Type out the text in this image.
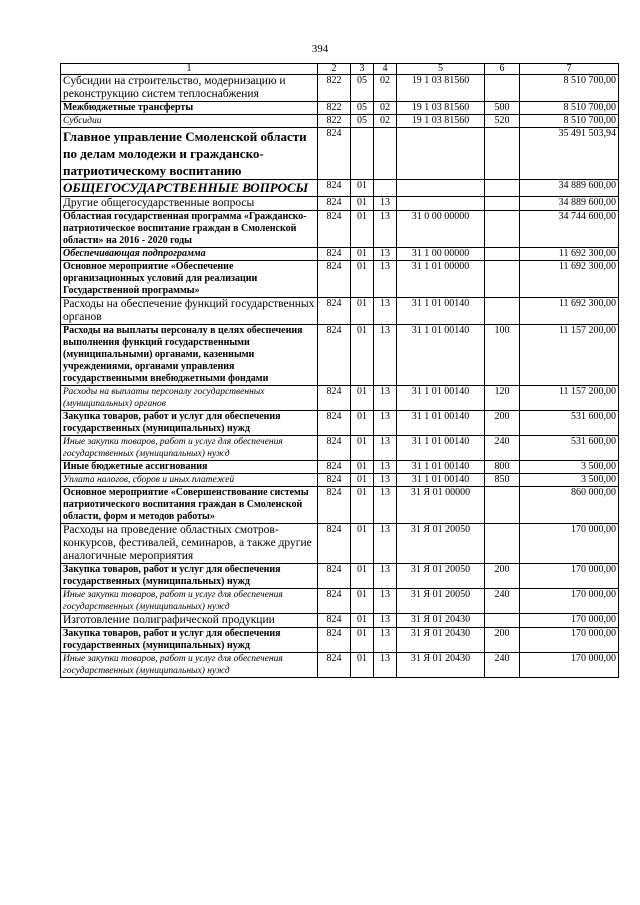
394
1	2	3	4	5	6	7
Субсидии на строительство, модернизацию и реконструкцию систем теплоснабжения	822	05	02	19 1 03 81560		8 510 700,00
Межбюджетные трансферты	822	05	02	19 1 03 81560	500	8 510 700,00
Субсидии	822	05	02	19 1 03 81560	520	8 510 700,00
Главное управление Смоленской области по делам молодежи и гражданско-патриотическому воспитанию	824					35 491 503,94
ОБЩЕГОСУДАРСТВЕННЫЕ ВОПРОСЫ	824	01				34 889 600,00
Другие общегосударственные вопросы	824	01	13			34 889 600,00
Областная государственная программа «Гражданско-патриотическое воспитание граждан в Смоленской области» на 2016 - 2020 годы	824	01	13	31 0 00 00000		34 744 600,00
Обеспечивающая подпрограмма	824	01	13	31 1 00 00000		11 692 300,00
Основное мероприятие «Обеспечение организационных условий для реализации Государственной программы»	824	01	13	31 1 01 00000		11 692 300,00
Расходы на обеспечение функций государственных органов	824	01	13	31 1 01 00140		11 692 300,00
Расходы на выплаты персоналу в целях обеспечения выполнения функций государственными (муниципальными) органами, казенными учреждениями, органами управления государственными внебюджетными фондами	824	01	13	31 1 01 00140	100	11 157 200,00
Расходы на выплаты персоналу государственных (муниципальных) органов	824	01	13	31 1 01 00140	120	11 157 200,00
Закупка товаров, работ и услуг для обеспечения государственных (муниципальных) нужд	824	01	13	31 1 01 00140	200	531 600,00
Иные закупки товаров, работ и услуг для обеспечения государственных (муниципальных) нужд	824	01	13	31 1 01 00140	240	531 600,00
Иные бюджетные ассигнования	824	01	13	31 1 01 00140	800	3 500,00
Уплата налогов, сборов и иных платежей	824	01	13	31 1 01 00140	850	3 500,00
Основное мероприятие «Совершенствование системы патриотического воспитания граждан в Смоленской области, форм и методов работы»	824	01	13	31 Я 01 00000		860 000,00
Расходы на проведение областных смотров-конкурсов, фестивалей, семинаров, а также другие аналогичные мероприятия	824	01	13	31 Я 01 20050		170 000,00
Закупка товаров, работ и услуг для обеспечения государственных (муниципальных) нужд	824	01	13	31 Я 01 20050	200	170 000,00
Иные закупки товаров, работ и услуг для обеспечения государственных (муниципальных) нужд	824	01	13	31 Я 01 20050	240	170 000,00
Изготовление полиграфической продукции	824	01	13	31 Я 01 20430		170 000,00
Закупка товаров, работ и услуг для обеспечения государственных (муниципальных) нужд	824	01	13	31 Я 01 20430	200	170 000,00
Иные закупки товаров, работ и услуг для обеспечения государственных (муниципальных) нужд	824	01	13	31 Я 01 20430	240	170 000,00
